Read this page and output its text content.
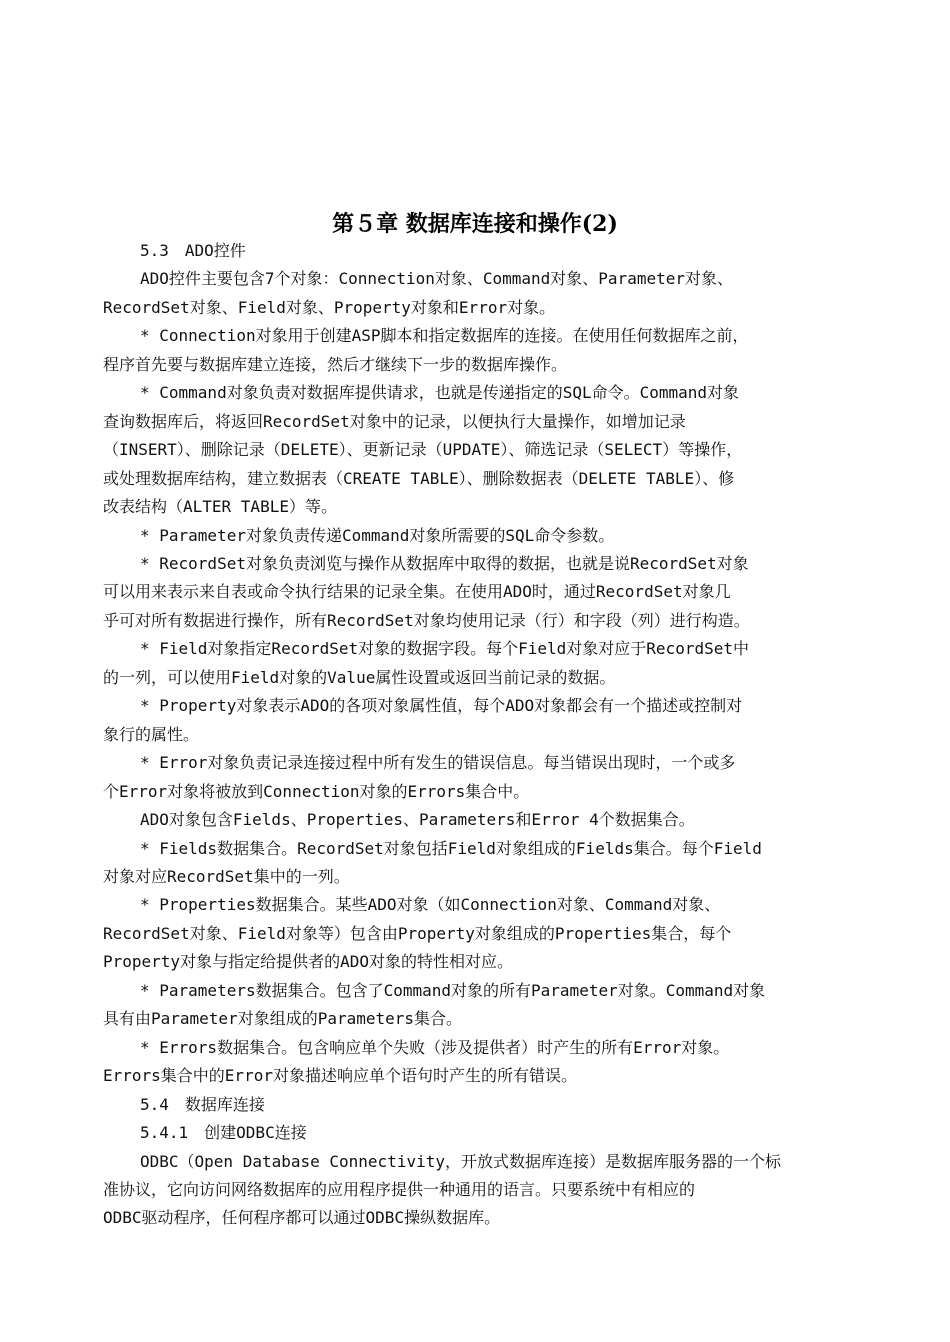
第５章 数据库连接和操作(2)

5.3　ADO控件

ADO控件主要包含7个对象：Connection对象、Command对象、Parameter对象、

RecordSet对象、Field对象、Property对象和Error对象。

* Connection对象用于创建ASP脚本和指定数据库的连接。在使用任何数据库之前，

程序首先要与数据库建立连接，然后才继续下一步的数据库操作。

* Command对象负责对数据库提供请求，也就是传递指定的SQL命令。Command对象

查询数据库后，将返回RecordSet对象中的记录，以便执行大量操作，如增加记录

（INSERT）、删除记录（DELETE）、更新记录（UPDATE）、筛选记录（SELECT）等操作，

或处理数据库结构，建立数据表（CREATE TABLE）、删除数据表（DELETE TABLE）、修

改表结构（ALTER TABLE）等。

* Parameter对象负责传递Command对象所需要的SQL命令参数。

* RecordSet对象负责浏览与操作从数据库中取得的数据，也就是说RecordSet对象

可以用来表示来自表或命令执行结果的记录全集。在使用ADO时，通过RecordSet对象几

乎可对所有数据进行操作，所有RecordSet对象均使用记录（行）和字段（列）进行构造。

* Field对象指定RecordSet对象的数据字段。每个Field对象对应于RecordSet中

的一列，可以使用Field对象的Value属性设置或返回当前记录的数据。

* Property对象表示ADO的各项对象属性值，每个ADO对象都会有一个描述或控制对

象行的属性。

* Error对象负责记录连接过程中所有发生的错误信息。每当错误出现时，一个或多

个Error对象将被放到Connection对象的Errors集合中。

ADO对象包含Fields、Properties、Parameters和Error 4个数据集合。

* Fields数据集合。RecordSet对象包括Field对象组成的Fields集合。每个Field

对象对应RecordSet集中的一列。

* Properties数据集合。某些ADO对象（如Connection对象、Command对象、

RecordSet对象、Field对象等）包含由Property对象组成的Properties集合，每个

Property对象与指定给提供者的ADO对象的特性相对应。

* Parameters数据集合。包含了Command对象的所有Parameter对象。Command对象

具有由Parameter对象组成的Parameters集合。

* Errors数据集合。包含响应单个失败（涉及提供者）时产生的所有Error对象。

Errors集合中的Error对象描述响应单个语句时产生的所有错误。

5.4　数据库连接

5.4.1　创建ODBC连接

ODBC（Open Database Connectivity，开放式数据库连接）是数据库服务器的一个标

准协议，它向访问网络数据库的应用程序提供一种通用的语言。只要系统中有相应的

ODBC驱动程序，任何程序都可以通过ODBC操纵数据库。
